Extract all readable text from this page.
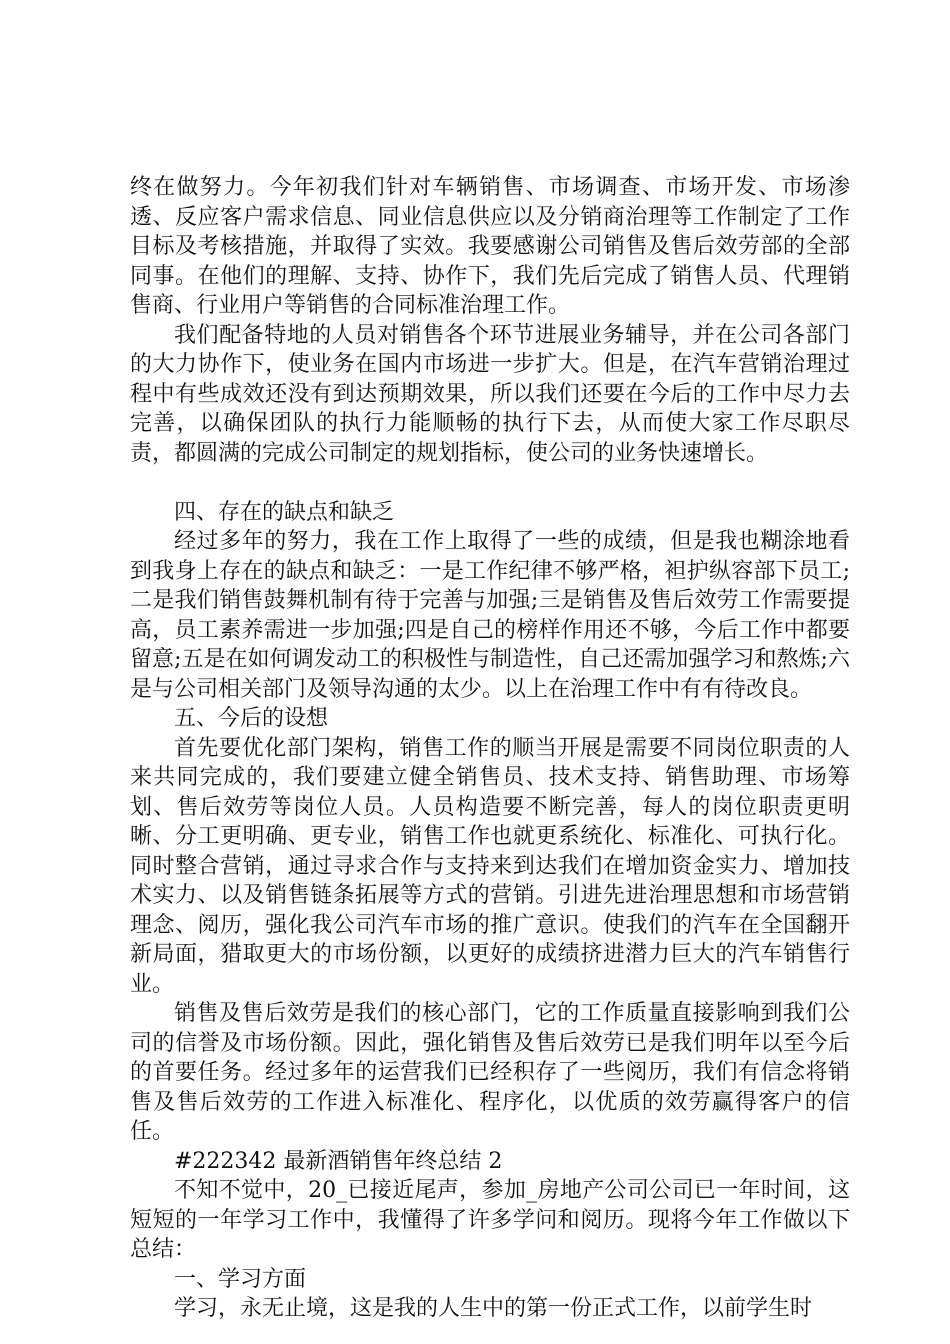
终在做努力。今年初我们针对车辆销售、市场调查、市场开发、市场渗透、反应客户需求信息、同业信息供应以及分销商治理等工作制定了工作目标及考核措施，并取得了实效。我要感谢公司销售及售后效劳部的全部同事。在他们的理解、支持、协作下，我们先后完成了销售人员、代理销售商、行业用户等销售的合同标准治理工作。

我们配备特地的人员对销售各个环节进展业务辅导，并在公司各部门的大力协作下，使业务在国内市场进一步扩大。但是，在汽车营销治理过程中有些成效还没有到达预期效果，所以我们还要在今后的工作中尽力去完善，以确保团队的执行力能顺畅的执行下去，从而使大家工作尽职尽责，都圆满的完成公司制定的规划指标，使公司的业务快速增长。

四、存在的缺点和缺乏

经过多年的努力，我在工作上取得了一些的成绩，但是我也糊涂地看到我身上存在的缺点和缺乏：一是工作纪律不够严格，袒护纵容部下员工;二是我们销售鼓舞机制有待于完善与加强;三是销售及售后效劳工作需要提高，员工素养需进一步加强;四是自己的榜样作用还不够，今后工作中都要留意;五是在如何调发动工的积极性与制造性，自己还需加强学习和熬炼;六是与公司相关部门及领导沟通的太少。以上在治理工作中有有待改良。

五、今后的设想

首先要优化部门架构，销售工作的顺当开展是需要不同岗位职责的人来共同完成的，我们要建立健全销售员、技术支持、销售助理、市场筹划、售后效劳等岗位人员。人员构造要不断完善，每人的岗位职责更明晰、分工更明确、更专业，销售工作也就更系统化、标准化、可执行化。同时整合营销，通过寻求合作与支持来到达我们在增加资金实力、增加技术实力、以及销售链条拓展等方式的营销。引进先进治理思想和市场营销理念、阅历，强化我公司汽车市场的推广意识。使我们的汽车在全国翻开新局面，猎取更大的市场份额，以更好的成绩挤进潜力巨大的汽车销售行业。

销售及售后效劳是我们的核心部门，它的工作质量直接影响到我们公司的信誉及市场份额。因此，强化销售及售后效劳已是我们明年以至今后的首要任务。经过多年的运营我们已经积存了一些阅历，我们有信念将销售及售后效劳的工作进入标准化、程序化，以优质的效劳赢得客户的信任。

#222342 最新酒销售年终总结 2

不知不觉中，20_已接近尾声，参加_房地产公司公司已一年时间，这短短的一年学习工作中，我懂得了许多学问和阅历。现将今年工作做以下总结：

一、学习方面

学习，永无止境，这是我的人生中的第一份正式工作，以前学生时
